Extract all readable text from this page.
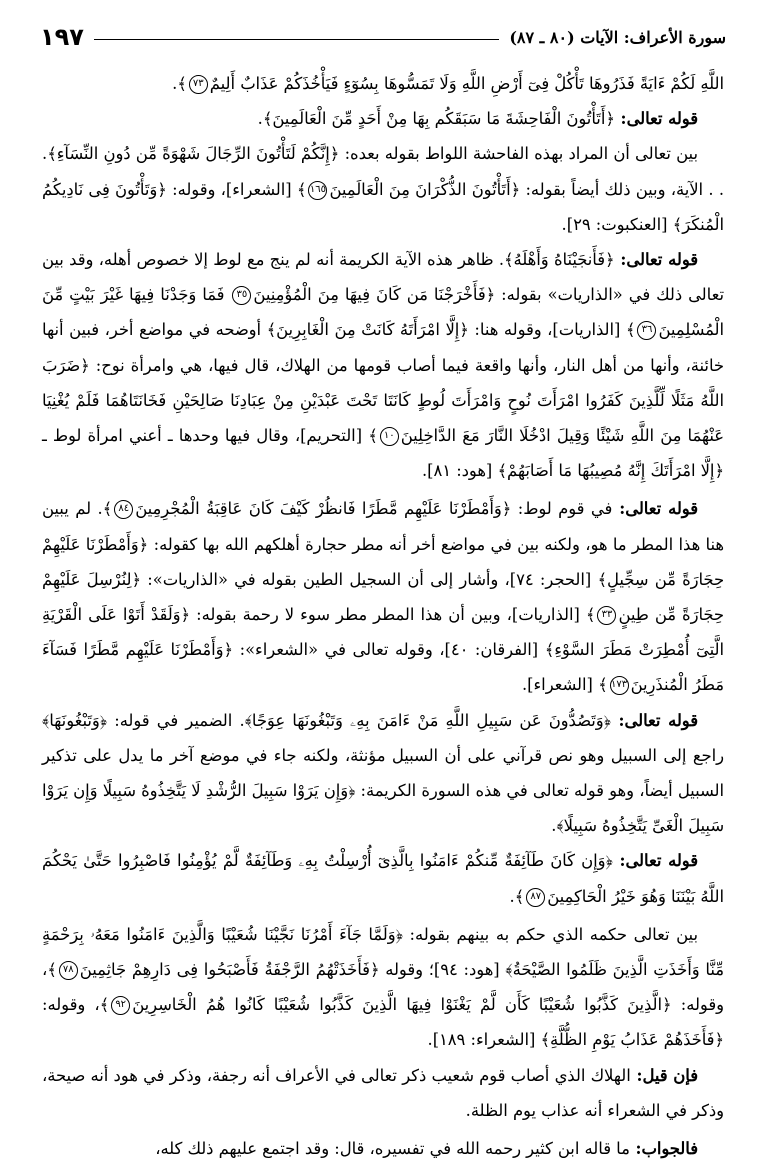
١٩٧	سورة الأعراف: الآيات (٨٠ ـ ٨٧)

اللَّهِ لَكُمْ ءَايَةً فَذَرُوهَا تَأْكُلْ فِىٓ أَرْضِ اللَّهِ وَلَا تَمَسُّوهَا بِسُوٓءٍ فَيَأْخُذَكُمْ عَذَابٌ أَلِيمٌ٧٣﴾.

قوله تعالى: ﴿أَتَأْتُونَ الْفَاحِشَةَ مَا سَبَقَكُم بِهَا مِنْ أَحَدٍ مِّنَ الْعَالَمِينَ﴾.

بين تعالى أن المراد بهذه الفاحشة اللواط بقوله بعده: ﴿إِنَّكُمْ لَتَأْتُونَ الرِّجَالَ شَهْوَةً مِّن دُونِ النِّسَآءِ﴾. . . الآية، وبين ذلك أيضاً بقوله: ﴿أَتَأْتُونَ الذُّكْرَانَ مِنَ الْعَالَمِينَ١٦٥﴾ [الشعراء]، وقوله: ﴿وَتَأْتُونَ فِى نَادِيكُمُ الْمُنكَرَ﴾ [العنكبوت: ٢٩].

قوله تعالى: ﴿فَأَنجَيْنَاهُ وَأَهْلَهُ﴾. ظاهر هذه الآية الكريمة أنه لم ينج مع لوط إلا خصوص أهله، وقد بين تعالى ذلك في «الذاريات» بقوله: ﴿فَأَخْرَجْنَا مَن كَانَ فِيهَا مِنَ الْمُؤْمِنِينَ٣٥ فَمَا وَجَدْنَا فِيهَا غَيْرَ بَيْتٍ مِّنَ الْمُسْلِمِينَ٣٦﴾ [الذاريات]، وقوله هنا: ﴿إِلَّا امْرَأَتَهُ كَانَتْ مِنَ الْغَابِرِينَ﴾ أوضحه في مواضع أخر، فبين أنها خائنة، وأنها من أهل النار، وأنها واقعة فيما أصاب قومها من الهلاك، قال فيها، هي وامرأة نوح: ﴿ضَرَبَ اللَّهُ مَثَلًا لِّلَّذِينَ كَفَرُوا امْرَأَتَ نُوحٍ وَامْرَأَتَ لُوطٍ كَانَتَا تَحْتَ عَبْدَيْنِ مِنْ عِبَادِنَا صَالِحَيْنِ فَخَانَتَاهُمَا فَلَمْ يُغْنِيَا عَنْهُمَا مِنَ اللَّهِ شَيْئًا وَقِيلَ ادْخُلَا النَّارَ مَعَ الدَّاخِلِينَ١٠﴾ [التحريم]، وقال فيها وحدها ـ أعني امرأة لوط ـ ﴿إِلَّا امْرَأَتَكَ إِنَّهُ مُصِيبُهَا مَا أَصَابَهُمْ﴾ [هود: ٨١].

قوله تعالى: في قوم لوط: ﴿وَأَمْطَرْنَا عَلَيْهِم مَّطَرًا فَانظُرْ كَيْفَ كَانَ عَاقِبَةُ الْمُجْرِمِينَ٨٤﴾. لم يبين هنا هذا المطر ما هو، ولكنه بين في مواضع أخر أنه مطر حجارة أهلكهم الله بها كقوله: ﴿وَأَمْطَرْنَا عَلَيْهِمْ حِجَارَةً مِّن سِجِّيلٍ﴾ [الحجر: ٧٤]، وأشار إلى أن السجيل الطين بقوله في «الذاريات»: ﴿لِنُرْسِلَ عَلَيْهِمْ حِجَارَةً مِّن طِينٍ٣٣﴾ [الذاريات]، وبين أن هذا المطر مطر سوء لا رحمة بقوله: ﴿وَلَقَدْ أَتَوْا عَلَى الْقَرْيَةِ الَّتِىٓ أُمْطِرَتْ مَطَرَ السَّوْءِ﴾ [الفرقان: ٤٠]، وقوله تعالى في «الشعراء»: ﴿وَأَمْطَرْنَا عَلَيْهِم مَّطَرًا فَسَآءَ مَطَرُ الْمُنذَرِينَ١٧٣﴾ [الشعراء].

قوله تعالى: ﴿وَتَصُدُّونَ عَن سَبِيلِ اللَّهِ مَنْ ءَامَنَ بِهِۦ وَتَبْغُونَهَا عِوَجًا﴾. الضمير في قوله: ﴿وَتَبْغُونَهَا﴾ راجع إلى السبيل وهو نص قرآني على أن السبيل مؤنثة، ولكنه جاء في موضع آخر ما يدل على تذكير السبيل أيضاً، وهو قوله تعالى في هذه السورة الكريمة: ﴿وَإِن يَرَوْا سَبِيلَ الرُّشْدِ لَا يَتَّخِذُوهُ سَبِيلًا وَإِن يَرَوْا سَبِيلَ الْغَىِّ يَتَّخِذُوهُ سَبِيلًا﴾.

قوله تعالى: ﴿وَإِن كَانَ طَآئِفَةٌ مِّنكُمْ ءَامَنُوا بِالَّذِىٓ أُرْسِلْتُ بِهِۦ وَطَآئِفَةٌ لَّمْ يُؤْمِنُوا فَاصْبِرُوا حَتَّىٰ يَحْكُمَ اللَّهُ بَيْنَنَا وَهُوَ خَيْرُ الْحَاكِمِينَ٨٧﴾.

بين تعالى حكمه الذي حكم به بينهم بقوله: ﴿وَلَمَّا جَآءَ أَمْرُنَا نَجَّيْنَا شُعَيْبًا وَالَّذِينَ ءَامَنُوا مَعَهُۥ بِرَحْمَةٍ مِّنَّا وَأَخَذَتِ الَّذِينَ ظَلَمُوا الصَّيْحَةُ﴾ [هود: ٩٤]؛ وقوله ﴿فَأَخَذَتْهُمُ الرَّجْفَةُ فَأَصْبَحُوا فِى دَارِهِمْ جَاثِمِينَ٧٨﴾، وقوله: ﴿الَّذِينَ كَذَّبُوا شُعَيْبًا كَأَن لَّمْ يَغْنَوْا فِيهَا الَّذِينَ كَذَّبُوا شُعَيْبًا كَانُوا هُمُ الْخَاسِرِينَ٩٢﴾، وقوله: ﴿فَأَخَذَهُمْ عَذَابُ يَوْمِ الظُّلَّةِ﴾ [الشعراء: ١٨٩].

فإن قيل: الهلاك الذي أصاب قوم شعيب ذكر تعالى في الأعراف أنه رجفة، وذكر في هود أنه صيحة، وذكر في الشعراء أنه عذاب يوم الظلة.

فالجواب: ما قاله ابن كثير رحمه الله في تفسيره، قال: وقد اجتمع عليهم ذلك كله،
